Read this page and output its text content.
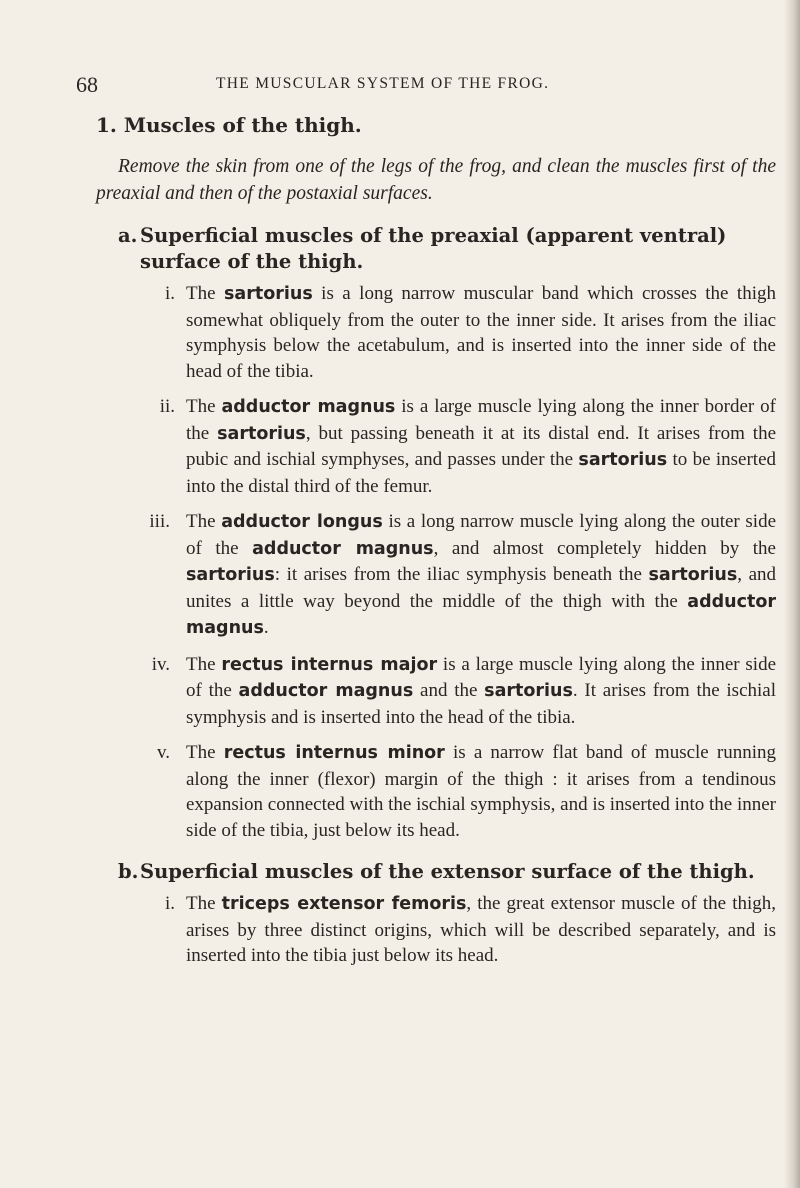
68	THE MUSCULAR SYSTEM OF THE FROG.
1. Muscles of the thigh.

Remove the skin from one of the legs of the frog, and clean the muscles first of the preaxial and then of the postaxial surfaces.

a. Superficial muscles of the preaxial (apparent ventral)
surface of the thigh.
i. The sartorius is a long narrow muscular band which crosses the thigh somewhat obliquely from the outer to the inner side. It arises from the iliac symphysis below the acetabulum, and is inserted into the inner side of the head of the tibia.
ii. The adductor magnus is a large muscle lying along the inner border of the sartorius, but passing beneath it at its distal end. It arises from the pubic and ischial symphyses, and passes under the sartorius to be inserted into the distal third of the femur.
iii. The adductor longus is a long narrow muscle lying along the outer side of the adductor magnus, and almost completely hidden by the sartorius: it arises from the iliac symphysis beneath the sartorius, and unites a little way beyond the middle of the thigh with the adductor magnus.
iv. The rectus internus major is a large muscle lying along the inner side of the adductor magnus and the sartorius. It arises from the ischial symphysis and is inserted into the head of the tibia.
v. The rectus internus minor is a narrow flat band of muscle running along the inner (flexor) margin of the thigh : it arises from a tendinous expansion connected with the ischial symphysis, and is inserted into the inner side of the tibia, just below its head.
b.Superficial muscles of the extensor surface of the thigh.
i. The triceps extensor femoris, the great extensor muscle of the thigh, arises by three distinct origins, which will be described separately, and is inserted into the tibia just below its head.
